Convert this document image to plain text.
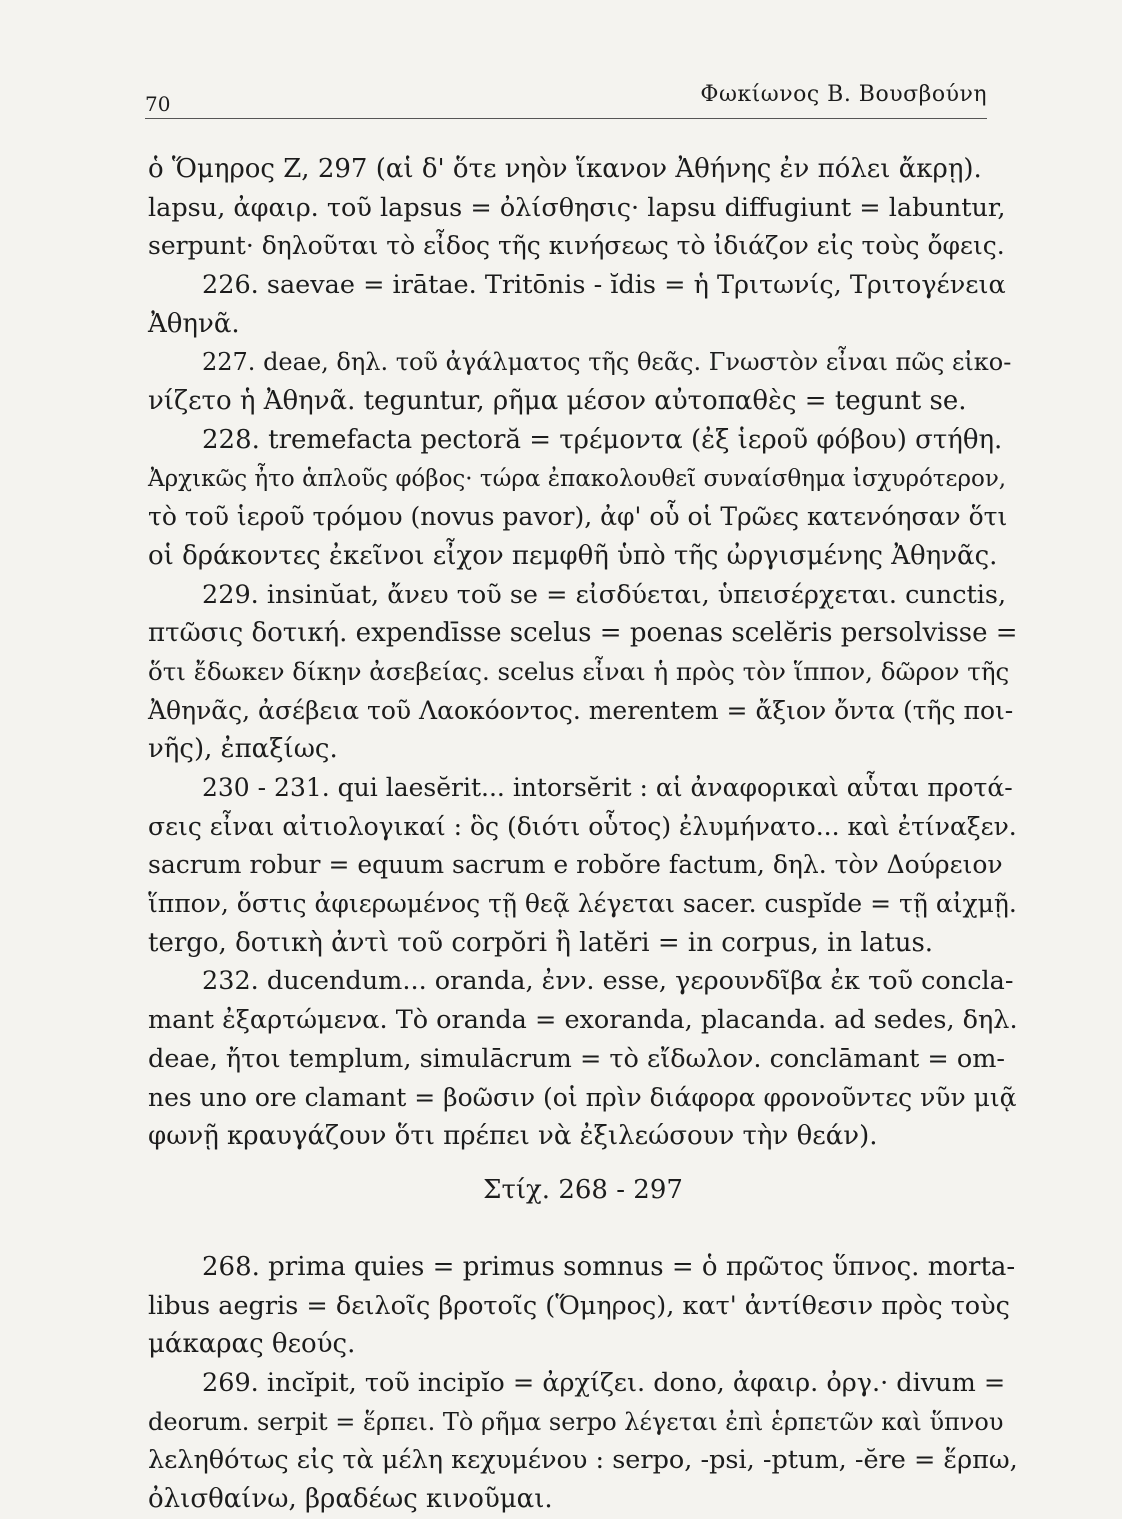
70	Φωκίωνος Β. Βουσβούνη
ὁ Ὅμηρος Ζ, 297 (αἱ δ' ὅτε νηὸν ἵκανον Ἀθήνης ἐν πόλει ἄκρῃ).
lapsu, ἀφαιρ. τοῦ lapsus = ὀλίσθησις· lapsu diffugiunt = labuntur,
serpunt· δηλοῦται τὸ εἶδος τῆς κινήσεως τὸ ἰδιάζον εἰς τοὺς ὄφεις.
226. saevae = irātae. Tritōnis - ĭdis = ἡ Τριτωνίς, Τριτογένεια
Ἀθηνᾶ.
227. deae, δηλ. τοῦ ἀγάλματος τῆς θεᾶς. Γνωστὸν εἶναι πῶς εἰκο-
νίζετο ἡ Ἀθηνᾶ. teguntur, ρῆμα μέσον αὐτοπαθὲς = tegunt se.
228. tremefacta pectoră = τρέμοντα (ἐξ ἱεροῦ φόβου) στήθη.
Ἀρχικῶς ἦτο ἁπλοῦς φόβος· τώρα ἐπακολουθεῖ συναίσθημα ἰσχυρότερον,
τὸ τοῦ ἱεροῦ τρόμου (novus pavor), ἀφ' οὗ οἱ Τρῶες κατενόησαν ὅτι
οἱ δράκοντες ἐκεῖνοι εἶχον πεμφθῆ ὑπὸ τῆς ὠργισμένης Ἀθηνᾶς.
229. insinŭat, ἄνευ τοῦ se = εἰσδύεται, ὑπεισέρχεται. cunctis,
πτῶσις δοτική. expendīsse scelus = poenas scelĕris persolvisse =
ὅτι ἔδωκεν δίκην ἀσεβείας. scelus εἶναι ἡ πρὸς τὸν ἵππον, δῶρον τῆς
Ἀθηνᾶς, ἀσέβεια τοῦ Λαοκόοντος. merentem = ἄξιον ὄντα (τῆς ποι-
νῆς), ἐπαξίως.
230 - 231. qui laesĕrit... intorsĕrit : αἱ ἀναφορικαὶ αὗται προτά-
σεις εἶναι αἰτιολογικαί : ὃς (διότι οὗτος) ἐλυμήνατο... καὶ ἐτίναξεν.
sacrum robur = equum sacrum e robŏre factum, δηλ. τὸν Δούρειον
ἵππον, ὅστις ἀφιερωμένος τῇ θεᾷ λέγεται sacer. cuspĭde = τῇ αἰχμῇ.
tergo, δοτικὴ ἀντὶ τοῦ corpŏri ἢ latĕri = in corpus, in latus.
232. ducendum... oranda, ἐνν. esse, γερουνδῖβα ἐκ τοῦ concla-
mant ἐξαρτώμενα. Τὸ oranda = exoranda, placanda. ad sedes, δηλ.
deae, ἤτοι templum, simulācrum = τὸ εἴδωλον. conclāmant = om-
nes uno ore clamant = βοῶσιν (οἱ πρὶν διάφορα φρονοῦντες νῦν μιᾷ
φωνῇ κραυγάζουν ὅτι πρέπει νὰ ἐξιλεώσουν τὴν θεάν).
Στίχ. 268 - 297
268. prima quies = primus somnus = ὁ πρῶτος ὕπνος. morta-
libus aegris = δειλοῖς βροτοῖς (Ὅμηρος), κατ' ἀντίθεσιν πρὸς τοὺς
μάκαρας θεούς.
269. incĭpit, τοῦ incipĭo = ἀρχίζει. dono, ἀφαιρ. ὀργ.· divum =
deorum. serpit = ἕρπει. Τὸ ρῆμα serpo λέγεται ἐπὶ ἑρπετῶν καὶ ὕπνου
λεληθότως εἰς τὰ μέλη κεχυμένου : serpo, -psi, -ptum, -ĕre = ἕρπω,
ὀλισθαίνω, βραδέως κινοῦμαι.
